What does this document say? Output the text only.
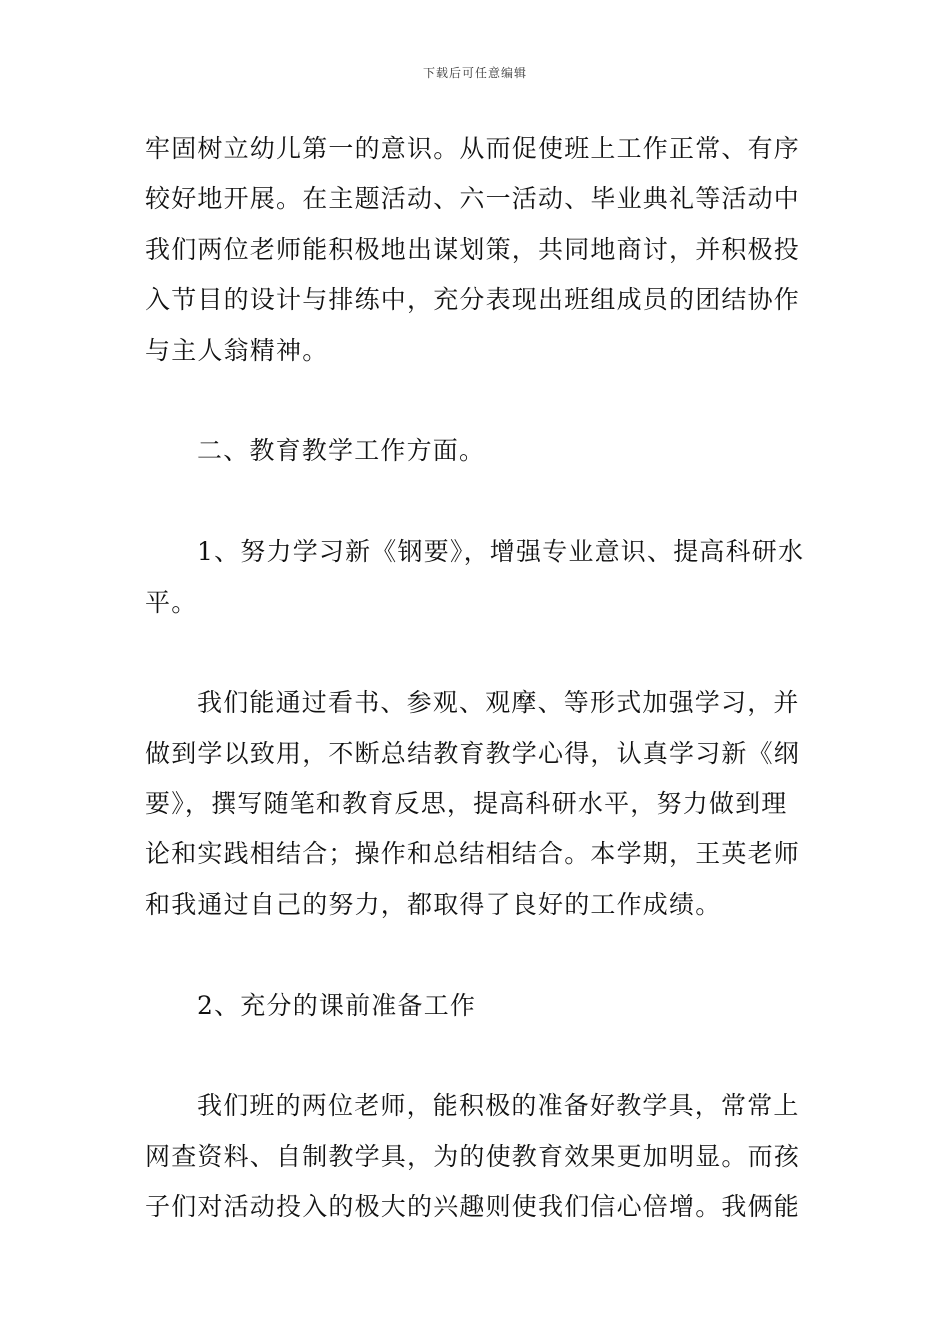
下载后可任意编辑
牢固树立幼儿第一的意识。从而促使班上工作正常、有序
较好地开展。在主题活动、六一活动、毕业典礼等活动中
我们两位老师能积极地出谋划策，共同地商讨，并积极投
入节目的设计与排练中，充分表现出班组成员的团结协作
与主人翁精神。
二、教育教学工作方面。
1、努力学习新《钢要》，增强专业意识、提高科研水
平。
我们能通过看书、参观、观摩、等形式加强学习，并
做到学以致用，不断总结教育教学心得，认真学习新《纲
要》，撰写随笔和教育反思，提高科研水平，努力做到理
论和实践相结合；操作和总结相结合。本学期，王英老师
和我通过自己的努力，都取得了良好的工作成绩。
2、充分的课前准备工作
我们班的两位老师，能积极的准备好教学具，常常上
网查资料、自制教学具，为的使教育效果更加明显。而孩
子们对活动投入的极大的兴趣则使我们信心倍增。我俩能
